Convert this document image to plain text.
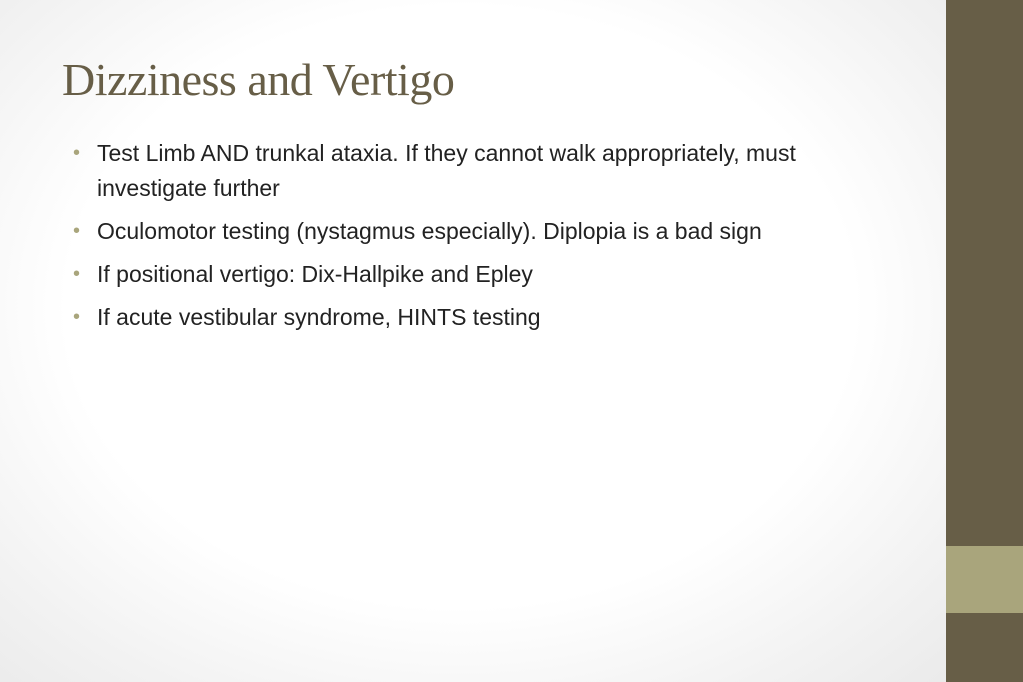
Dizziness and Vertigo
• Test Limb AND trunkal ataxia. If they cannot walk appropriately, must investigate further
• Oculomotor testing (nystagmus especially). Diplopia is a bad sign
• If positional vertigo: Dix-Hallpike and Epley
• If acute vestibular syndrome, HINTS testing
